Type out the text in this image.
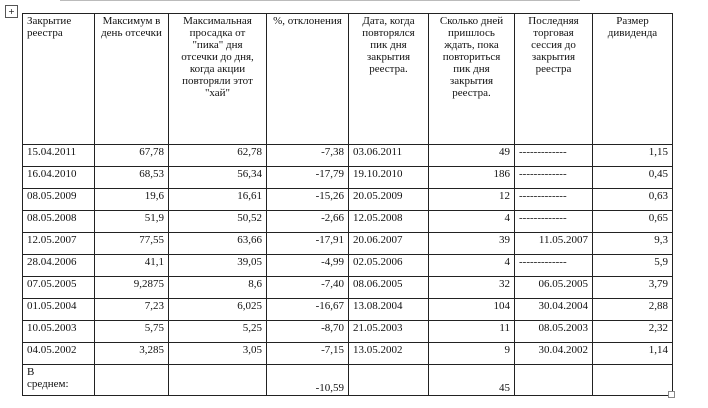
+
Закрытие реестра	Максимум в день отсечки	Максимальная просадка от "пика" дня отсечки до дня, когда акции повторяли этот "хай"	%, отклонения	Дата, когда повторялся пик дня закрытия реестра.	Сколько дней пришлось ждать, пока повториться пик дня закрытия реестра.	Последняя торговая сессия до закрытия реестра	Размер дивиденда
15.04.2011	67,78	62,78	-7,38	03.06.2011	49	-------------	1,15
16.04.2010	68,53	56,34	-17,79	19.10.2010	186	-------------	0,45
08.05.2009	19,6	16,61	-15,26	20.05.2009	12	-------------	0,63
08.05.2008	51,9	50,52	-2,66	12.05.2008	4	-------------	0,65
12.05.2007	77,55	63,66	-17,91	20.06.2007	39	11.05.2007	9,3
28.04.2006	41,1	39,05	-4,99	02.05.2006	4	-------------	5,9
07.05.2005	9,2875	8,6	-7,40	08.06.2005	32	06.05.2005	3,79
01.05.2004	7,23	6,025	-16,67	13.08.2004	104	30.04.2004	2,88
10.05.2003	5,75	5,25	-8,70	21.05.2003	11	08.05.2003	2,32
04.05.2002	3,285	3,05	-7,15	13.05.2002	9	30.04.2002	1,14

В
среднем:			-10,59		45		
